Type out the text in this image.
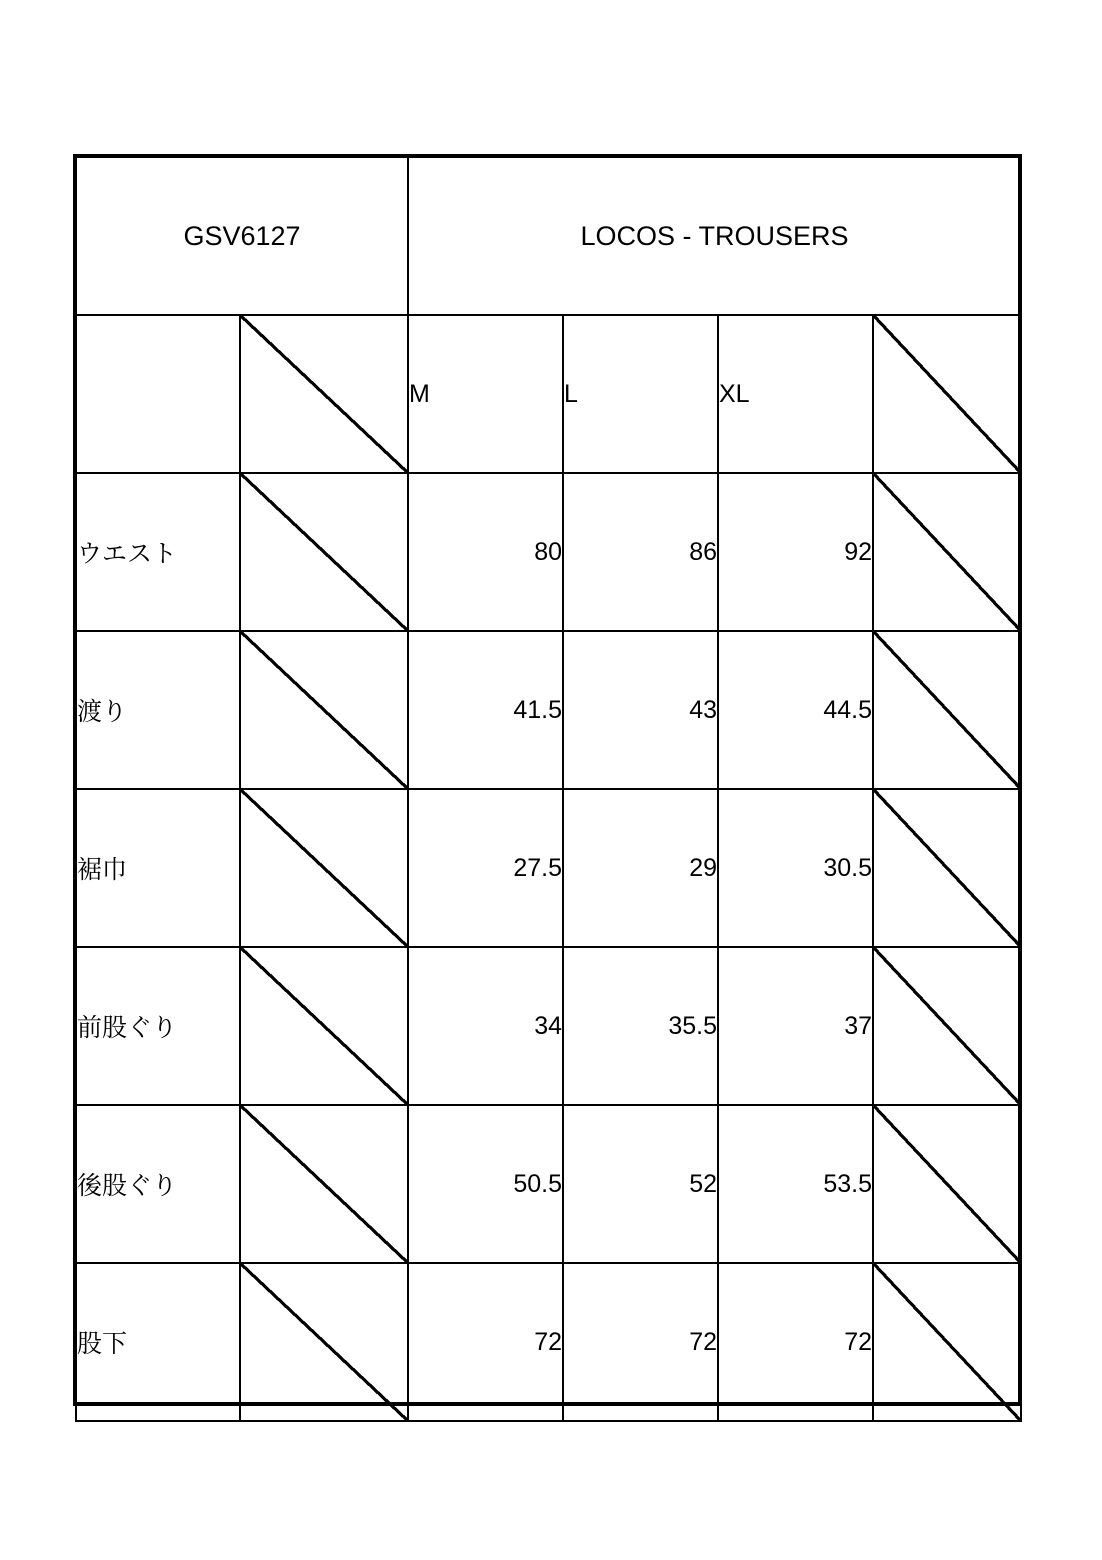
GSV6127		LOCOS - TROUSERS			
		M	L	XL	
ウエスト		80	86	92	
渡り		41.5	43	44.5	
裾巾		27.5	29	30.5	
前股ぐり		34	35.5	37	
後股ぐり		50.5	52	53.5	
股下		72	72	72	
